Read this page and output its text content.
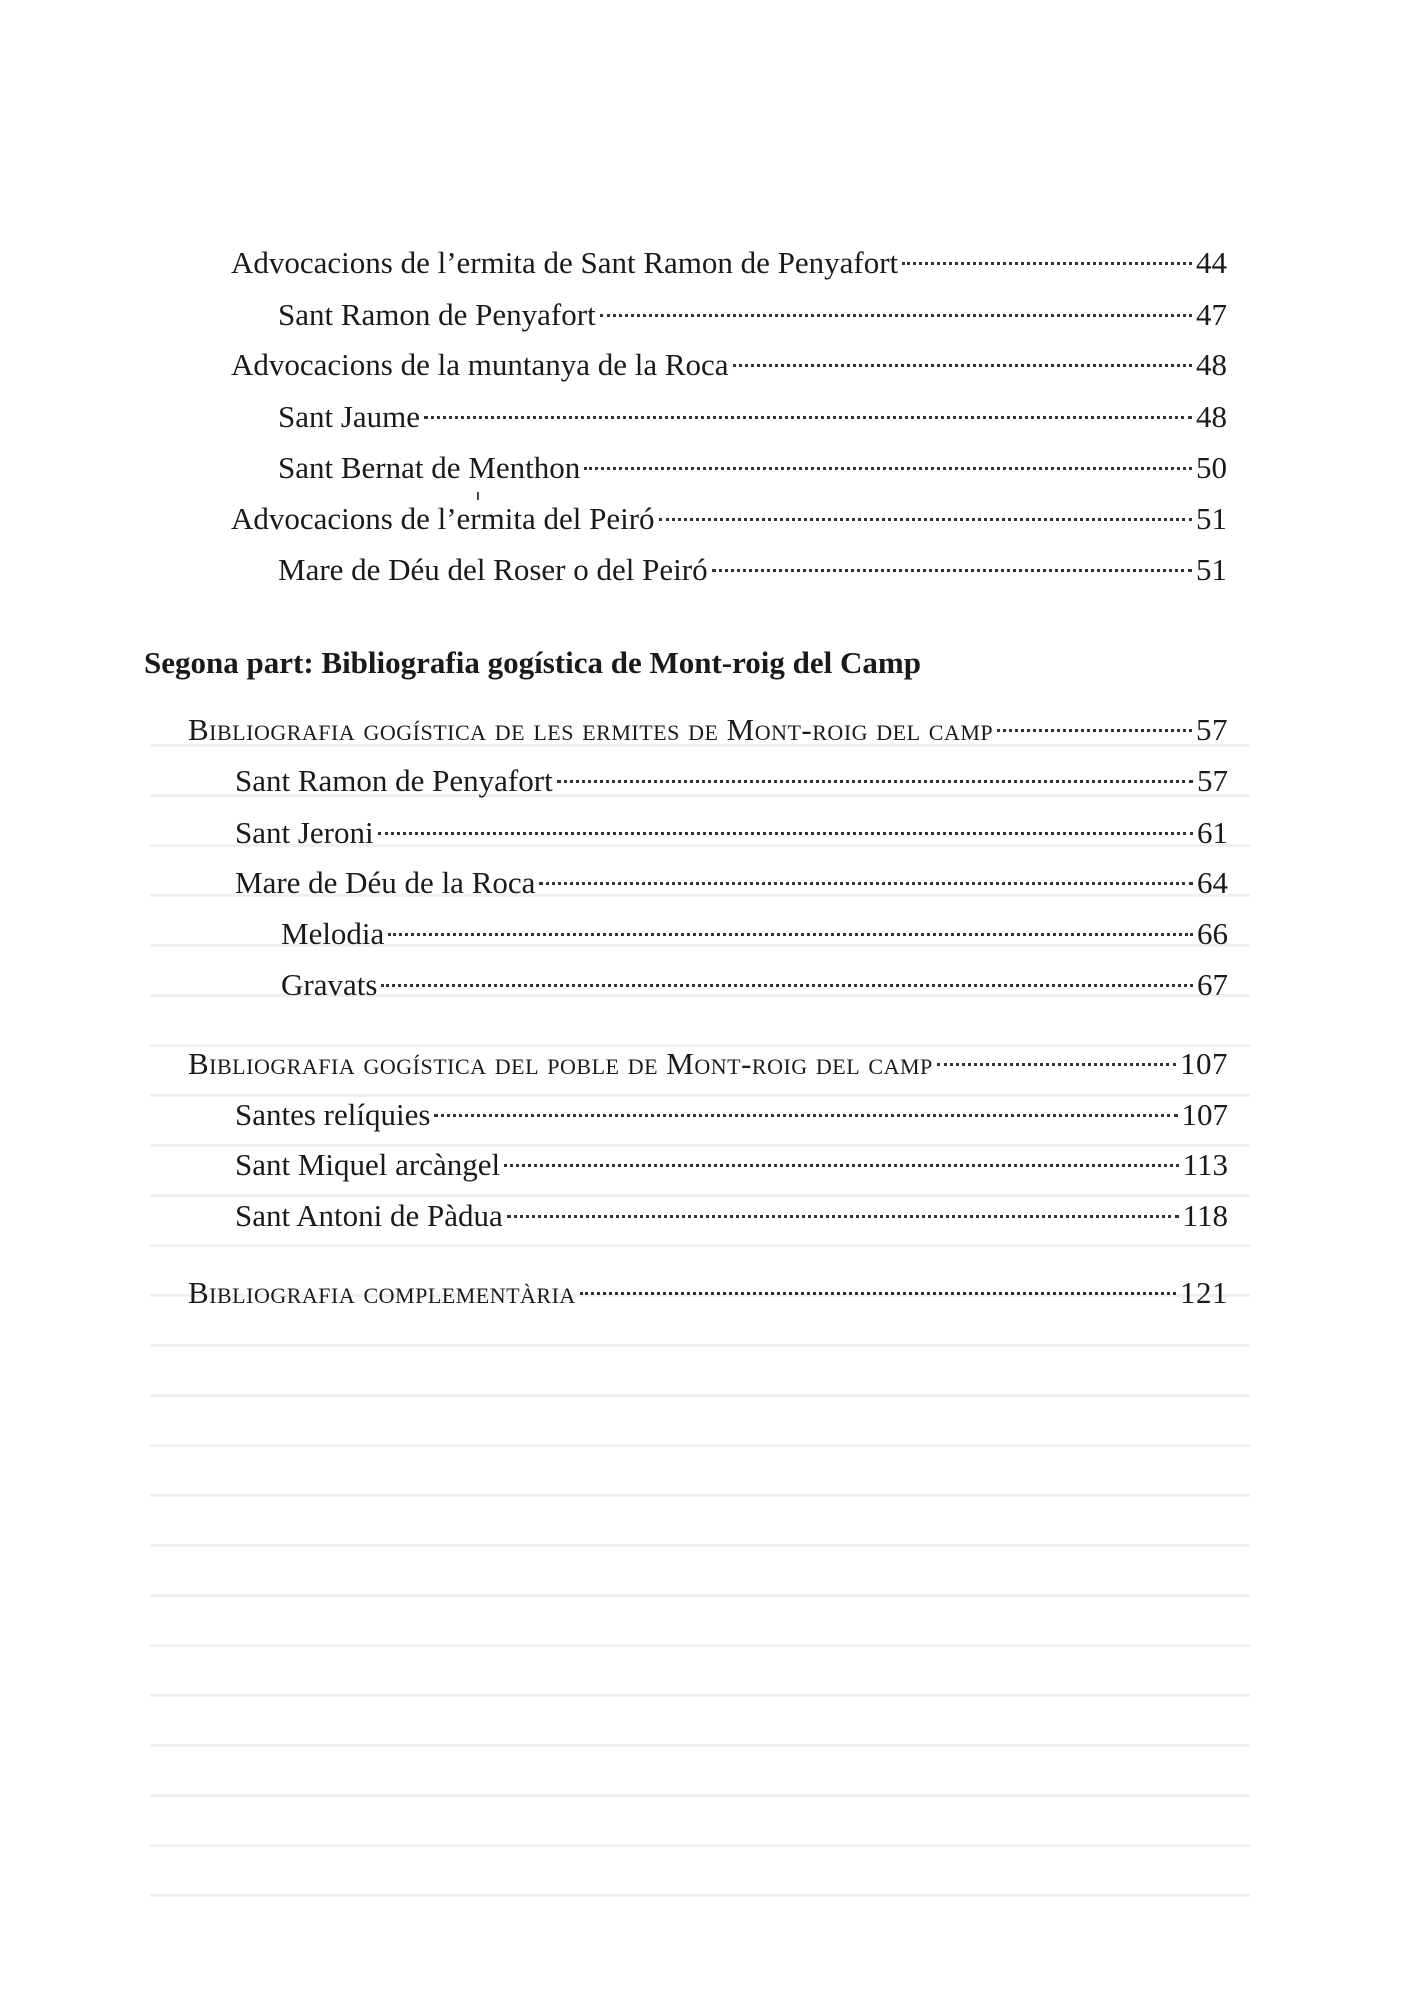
Advocacions de l’ermita de Sant Ramon de Penyafort	44
Sant Ramon de Penyafort	47
Advocacions de la muntanya de la Roca	48
Sant Jaume	48
Sant Bernat de Menthon	50
Advocacions de l’ermita del Peiró	51
Mare de Déu del Roser o del Peiró	51
Segona part: Bibliografia gogística de Mont-roig del Camp
Bibliografia gogística de les ermites de Mont-roig del camp	57
Sant Ramon de Penyafort	57
Sant Jeroni	61
Mare de Déu de la Roca	64
Melodia	66
Gravats	67
Bibliografia gogística del poble de Mont-roig del camp	107
Santes relíquies	107
Sant Miquel arcàngel	113
Sant Antoni de Pàdua	118
Bibliografia complementària	121
